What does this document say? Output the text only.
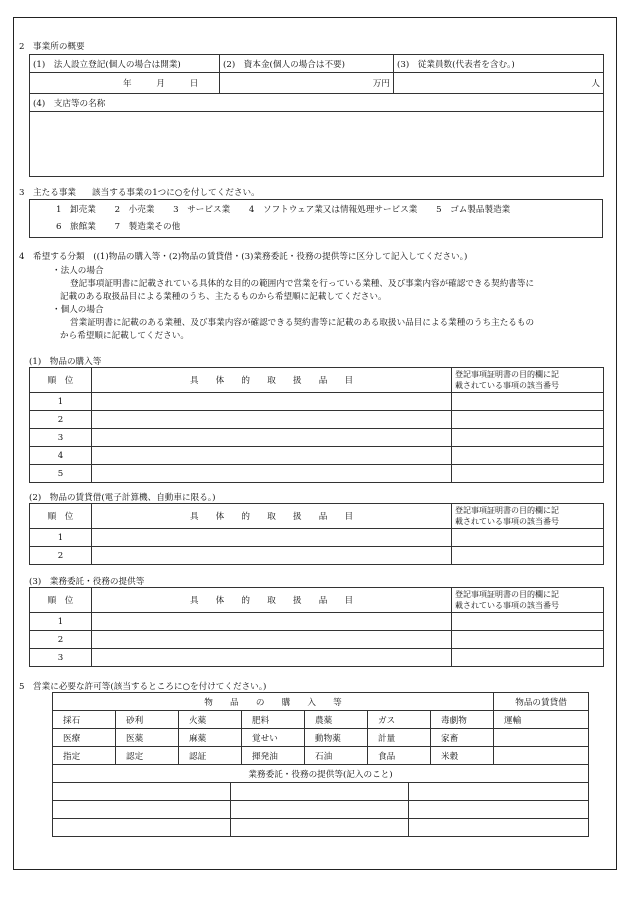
2　事業所の概要
(1)　法人設立登記(個人の場合は開業)	(2)　資本金(個人の場合は不要)	(3)　従業員数(代表者を含む。)
年 月 日	万円	人
(4)　支店等の名称		

3　主たる事業 該当する事業の1つに○を付してください。
1　卸売業 2　小売業 3　サービス業 4　ソフトウェア業又は情報処理サービス業 5　ゴム製品製造業
6　旅館業 7　製造業その他
4　希望する分類　((1)物品の購入等・(2)物品の賃貸借・(3)業務委託・役務の提供等に区分して記入してください。)
・法人の場合
登記事項証明書に記載されている具体的な目的の範囲内で営業を行っている業種、及び事業内容が確認できる契約書等に
記載のある取扱品目による業種のうち、主たるものから希望順に記載してください。
・個人の場合
営業証明書に記載のある業種、及び事業内容が確認できる契約書等に記載のある取扱い品目による業種のうち主たるもの
から希望順に記載してください。
(1)　物品の購入等
順　位	具　　体　　的　　取　　扱　　品　　目	登記事項証明書の目的欄に記
載されている事項の該当番号

1		
2		
3		
4		
5		
(2)　物品の賃貸借(電子計算機、自動車に限る。)
順　位	具　　体　　的　　取　　扱　　品　　目	登記事項証明書の目的欄に記
載されている事項の該当番号

1		
2		
(3)　業務委託・役務の提供等
順　位	具　　体　　的　　取　　扱　　品　　目	登記事項証明書の目的欄に記
載されている事項の該当番号

1		
2		
3		
5　営業に必要な許可等(該当するところに○を付けてください。)
物　　品　　の　　購　　入　　等							物品の賃貸借
採石	砂利	火薬	肥料	農薬	ガス	毒劇物	運輸
医療	医薬	麻薬	覚せい	動物薬	計量	家畜	
指定	認定	認証	揮発油	石油	食品	米穀	
業務委託・役務の提供等(記入のこと)							
